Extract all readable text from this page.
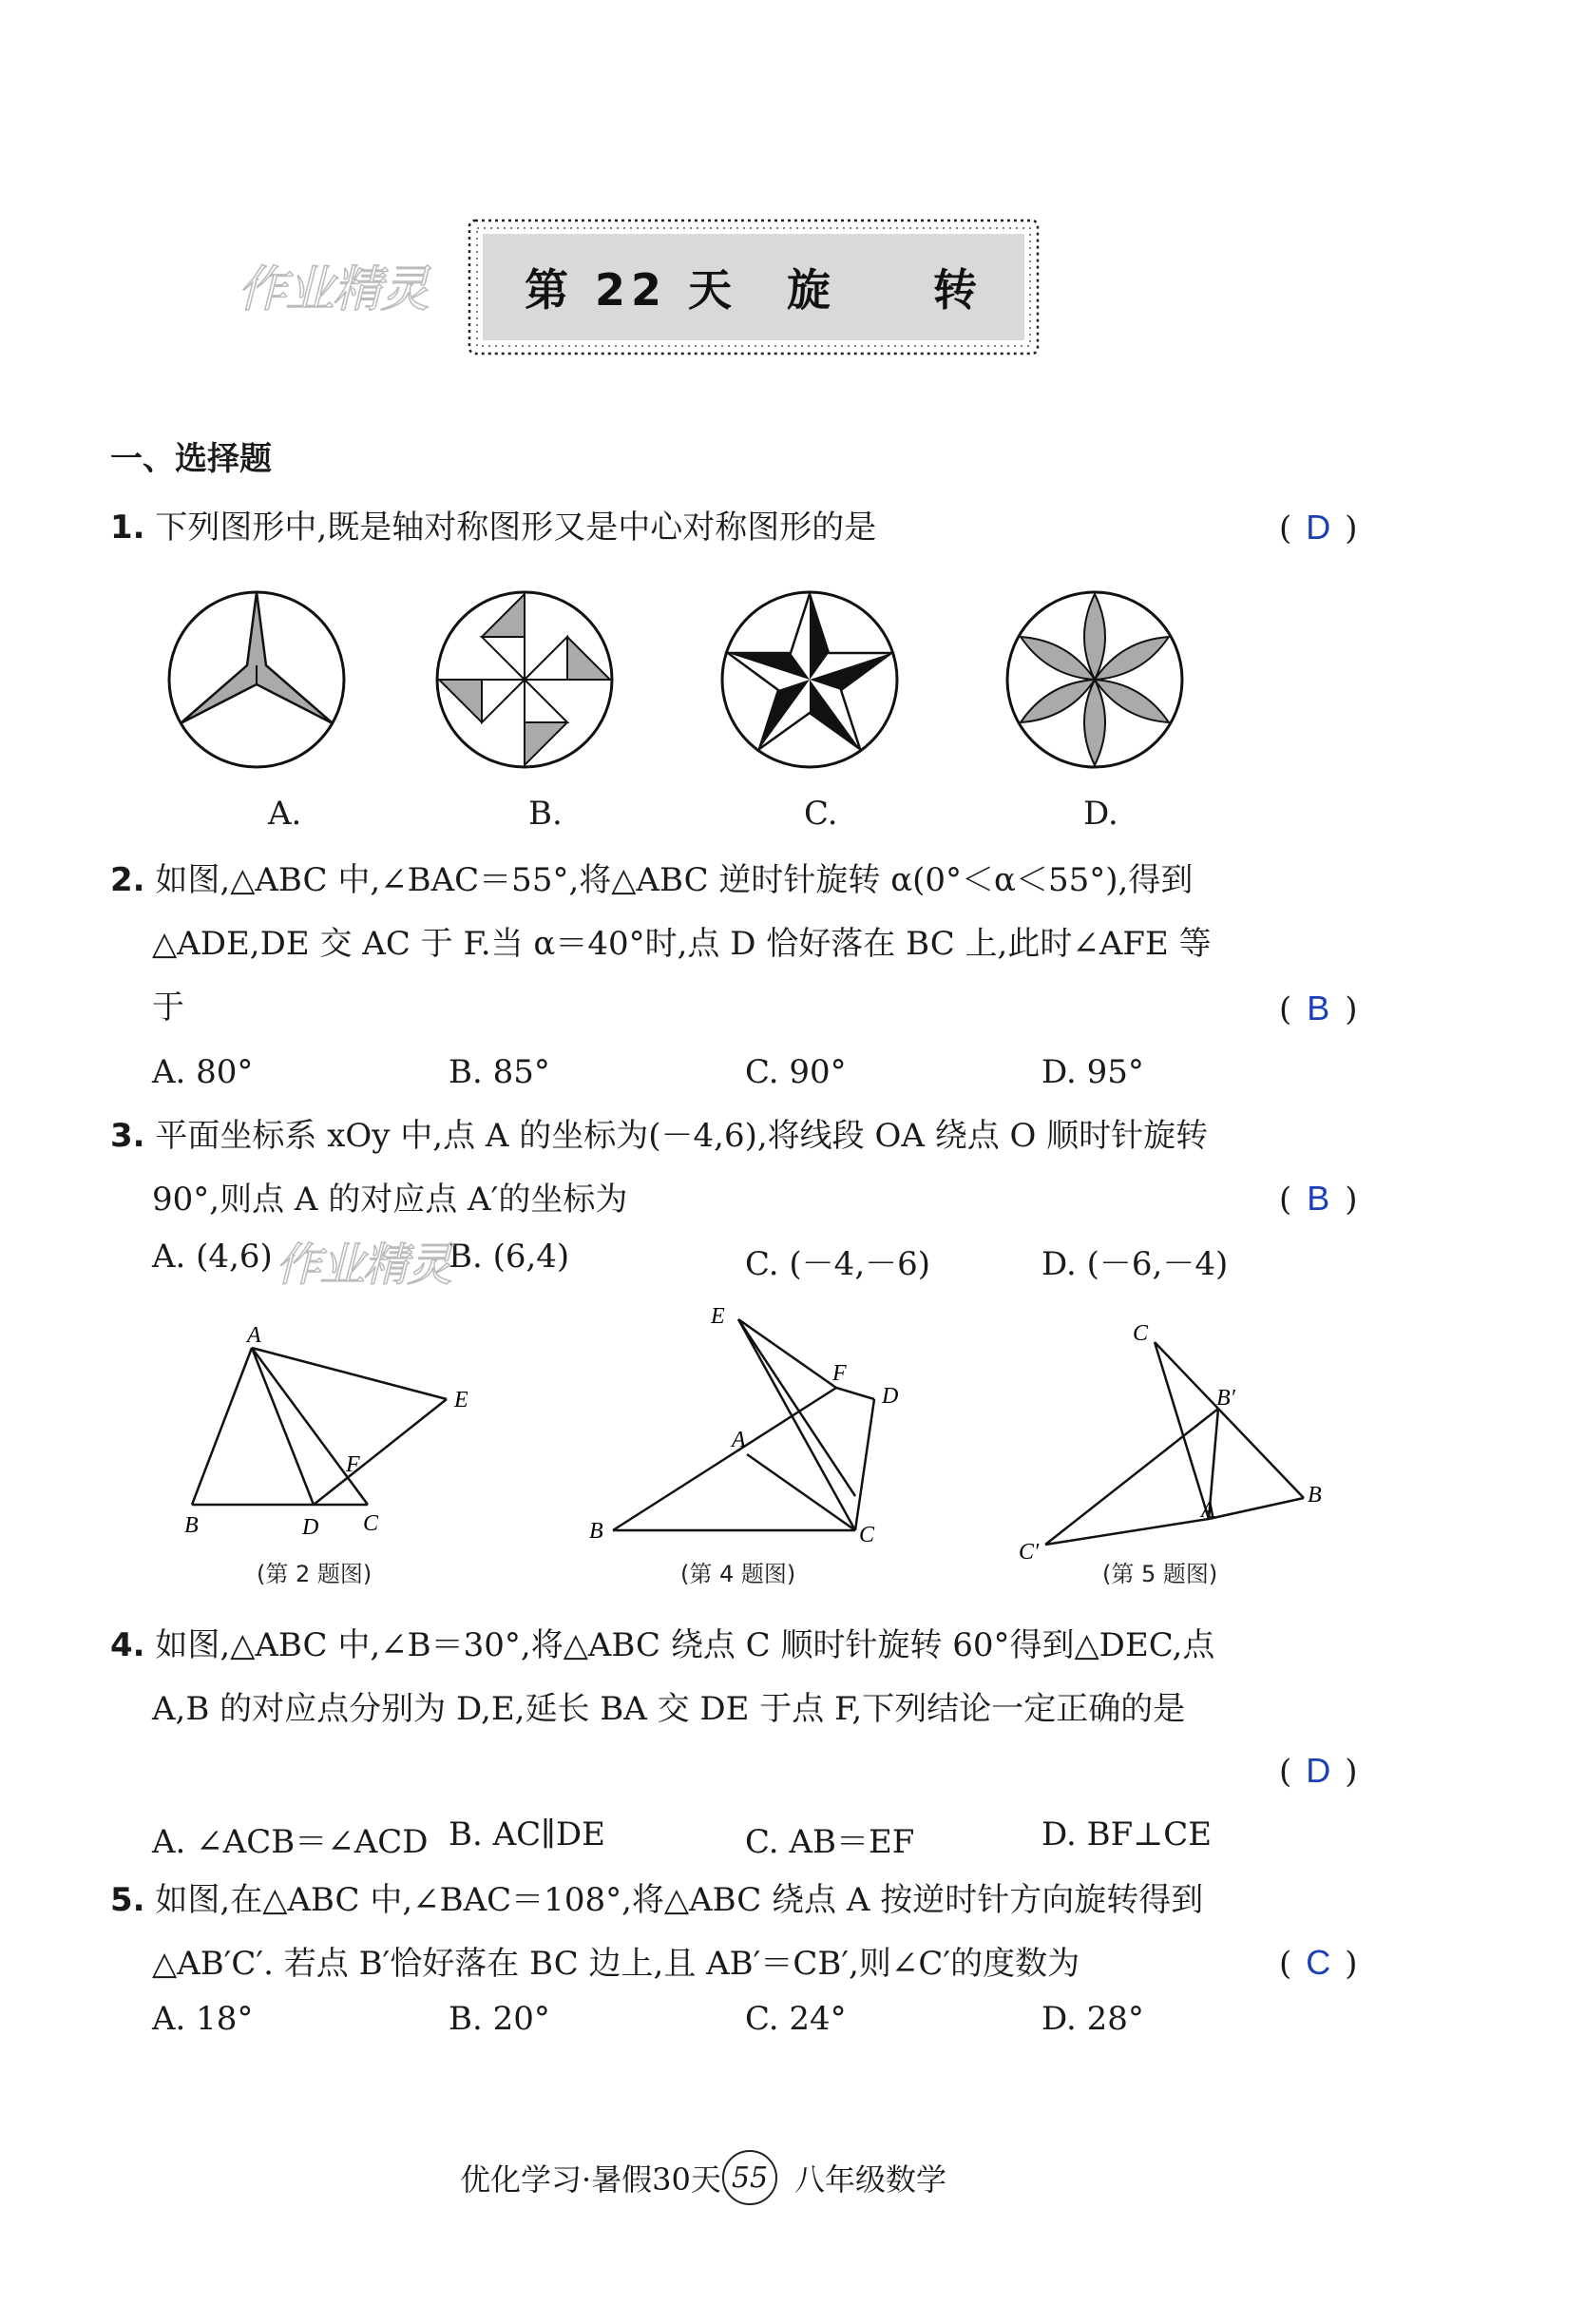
作业精灵 第 22 天 旋 转
一、选择题
1. 下列图形中,既是轴对称图形又是中心对称图形的是	( D )
A.	B.	C.	D.
2. 如图,△ABC 中,∠BAC＝55°,将△ABC 逆时针旋转 α(0°＜α＜55°),得到
△ADE,DE 交 AC 于 F.当 α＝40°时,点 D 恰好落在 BC 上,此时∠AFE 等
于	( B )
A. 80°	B. 85°	C. 90°	D. 95°
3. 平面坐标系 xOy 中,点 A 的坐标为(－4,6),将线段 OA 绕点 O 顺时针旋转
90°,则点 A 的对应点 A′的坐标为	( B )
A. (4,6)	B. (6,4)	C. (－4,－6)	D. (－6,－4)
作业精灵
A
E
F
B	D C
E
F
D
A
B	C
C
B′
B
A
C′
(第 2 题图)	(第 4 题图)	(第 5 题图)
4. 如图,△ABC 中,∠B＝30°,将△ABC 绕点 C 顺时针旋转 60°得到△DEC,点
A,B 的对应点分别为 D,E,延长 BA 交 DE 于点 F,下列结论一定正确的是
( D )
A. ∠ACB＝∠ACD B. AC∥DE	C. AB＝EF	D. BF⊥CE
5. 如图,在△ABC 中,∠BAC＝108°,将△ABC 绕点 A 按逆时针方向旋转得到
△AB′C′. 若点 B′恰好落在 BC 边上,且 AB′＝CB′,则∠C′的度数为	( C )
A. 18°	B. 20°	C. 24°	D. 28°
优化学习·暑假30天 55 八年级数学
